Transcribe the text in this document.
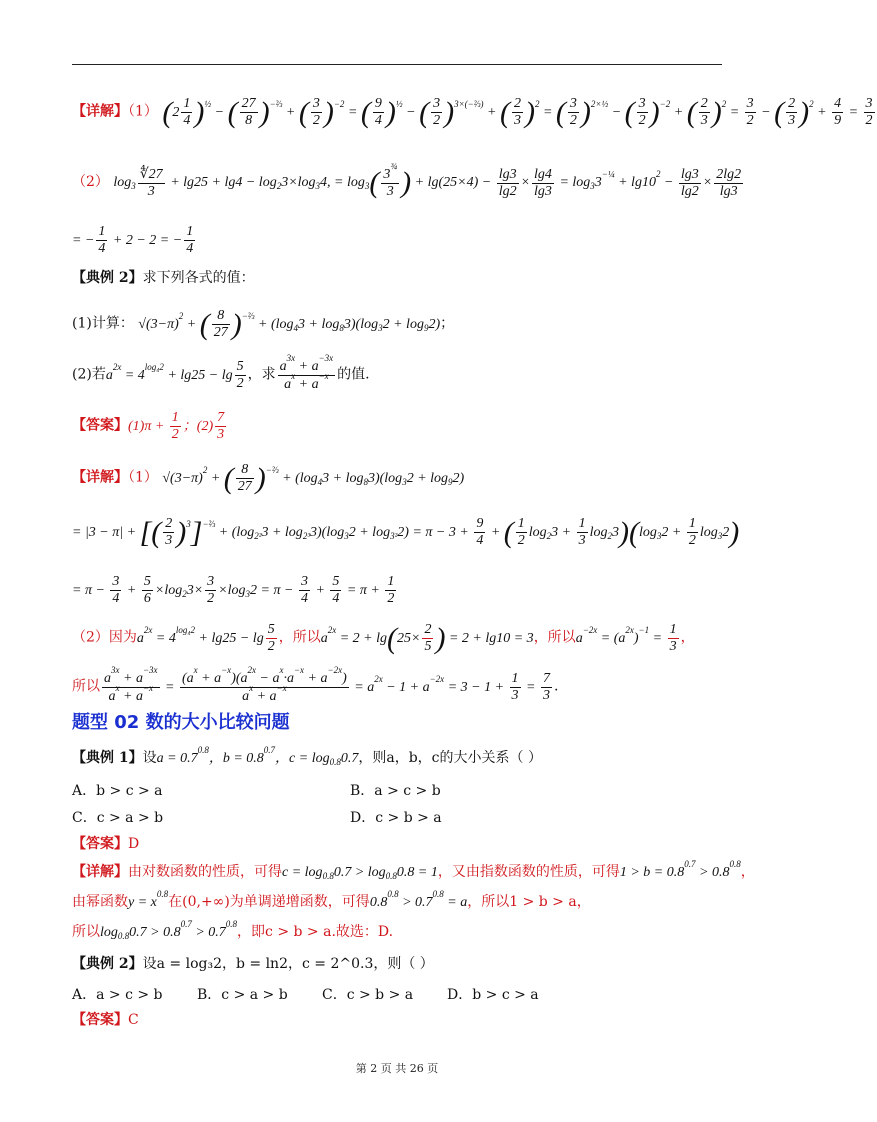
【详解】（1） $(2 \frac{1}{4} )^{\frac{1}{2}}$ − ( $\frac{27}{8} )^{-\frac{2}{3}}$ + ( $\frac{3}{2} )^{-2}$ = ( $\frac{9}{4} )^{\frac{1}{2}}$ − ( $\frac{3}{2} )^{3\times(-\frac{2}{3})}$ + ( $\frac{2}{3} )^2$ = ( $\frac{3}{2} )^{2\times\frac{1}{2}}$ − ( $\frac{3}{2} )^{-2}$ + ( $\frac{2}{3} )^2 = \frac{3}{2}$ − ( $\frac{2}{3} )^2 + \frac{4}{9} = \frac{3}{2}$
（2） $\log_3 \frac{∜27}{3} + \lg 25 + \lg 4 - \log_23\times\log_34$, = $\log_3( \frac{3^{\frac{3}{4}}}{3}$ ) + $\lg(25\times 4) - \frac{\lg 3}{\lg 2} \times \frac{\lg 4}{\lg 3} = \log_33^{-\frac{1}{4}} + \lg 10^2 - \frac{\lg 3}{\lg 2} \times \frac{2\lg 2}{\lg 3}$
= − $\frac{1}{4} + 2 - 2$ = − $\frac{1}{4}$
【典例 2】求下列各式的值：
(1)计算： $√(3-\pi)^2$ + ( $\frac{8}{27} )^{-\frac{2}{3}} + (\log_43 + \log_83)(\log_32 + \log_92)$；
(2)若$a^{2x} = 4^{log_42} + \lg 25 - \lg \frac{5}{2}$ ，求 $\frac{a^{3x} + a^{-3x}}{a^x + a^{-x}}$ 的值.
【答案】$(1)\pi + \frac{1}{2}$ ；$(2) \frac{7}{3}$
【详解】（1） $√(3-\pi)^2$ + ( $\frac{8}{27} )^{-\frac{2}{3}} + (\log_43 + \log_83)(\log_32 + \log_92)$
= |3 − π| + [( $\frac{2}{3} )^3]^{-\frac{2}{3}} + (\log_{2^2}3 + \log_{2^3}3)(\log_32 + \log_{3^2}2) = \pi - 3 + \frac{9}{4}$ + ( $\frac{1}{2} \log_23 + \frac{1}{3} \log_23)(\log_32 + \frac{1}{2} \log_32)$
= $\pi - \frac{3}{4} + \frac{5}{6} \times\log_23\times \frac{3}{2} \times\log_32 = \pi - \frac{3}{4} + \frac{5}{4} = \pi + \frac{1}{2}$
（2）因为$a^{2x} = 4^{log_42} + \lg 25 - \lg \frac{5}{2}$ ，所以$a^{2x} = 2 + \lg(25\times \frac{2}{5}$ ) = 2 + lg10 = 3，所以$a^{-2x} = (a^{2x})^{-1} = \frac{1}{3}$ ，
所以 $\frac{a^{3x} + a^{-3x}}{a^x + a^{-x}} = \frac{(a^x + a^{-x})(a^{2x} - a^x\cdot a^{-x} + a^{-2x})}{a^x + a^{-x}} = a^{2x} - 1 + a^{-2x} = 3 - 1 + \frac{1}{3} = \frac{7}{3}$ .
题型 02 数的大小比较问题
【典例 1】设$a = 0.7^{0.8}$，$b = 0.8^{0.7}$，$c = \log_{0.8}0.7$，则a，b，c的大小关系（ ）
A．b > c > a	B．a > c > b
C．c > a > b	D．c > b > a
【答案】D
【详解】由对数函数的性质，可得$c = \log_{0.8}0.7 > \log_{0.8}0.8 = 1$，又由指数函数的性质，可得$1 > b = 0.8^{0.7} > 0.8^{0.8}$，
由幂函数$y = x^{0.8}$在(0,+∞)为单调递增函数，可得$0.8^{0.8} > 0.7^{0.8} = a$，所以1 > b > a，
所以$\log_{0.8}0.7 > 0.8^{0.7} > 0.7^{0.8}$，即c > b > a.故选：D.
【典例 2】设a = log₃2，b = ln2，c = 2^0.3，则（ ）
A．a > c > b B．c > a > b C．c > b > a D．b > c > a
【答案】C
第 2 页 共 26 页
